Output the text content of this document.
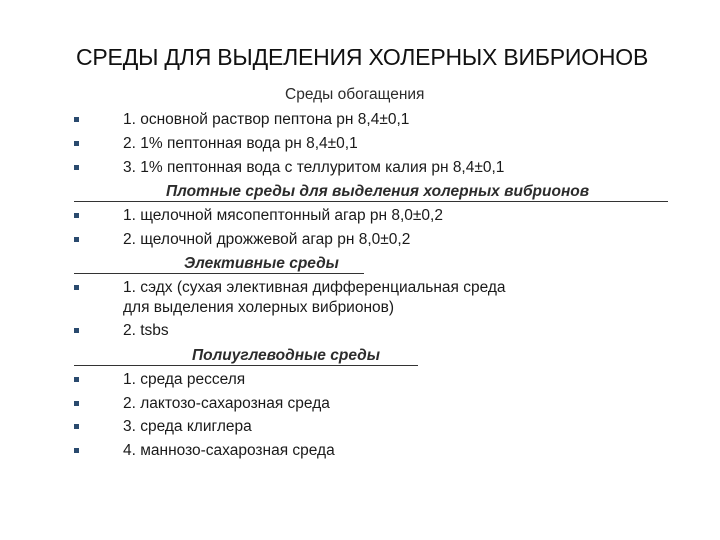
СРЕДЫ ДЛЯ ВЫДЕЛЕНИЯ ХОЛЕРНЫХ ВИБРИОНОВ
Среды обогащения
1. основной раствор пептона рн 8,4±0,1
2. 1% пептонная вода рн 8,4±0,1
3. 1% пептонная вода с теллуритом калия рн 8,4±0,1
Плотные среды для выделения холерных вибрионов
1. щелочной мясопептонный агар рн 8,0±0,2
2. щелочной дрожжевой агар рн 8,0±0,2
Элективные среды
1. сэдх (сухая элективная дифференциальная среда
для выделения холерных вибрионов)
2. tsbs
Полиуглеводные среды
1. среда ресселя
2. лактозо-сахарозная среда
3. среда клиглера
4. маннозо-сахарозная среда
